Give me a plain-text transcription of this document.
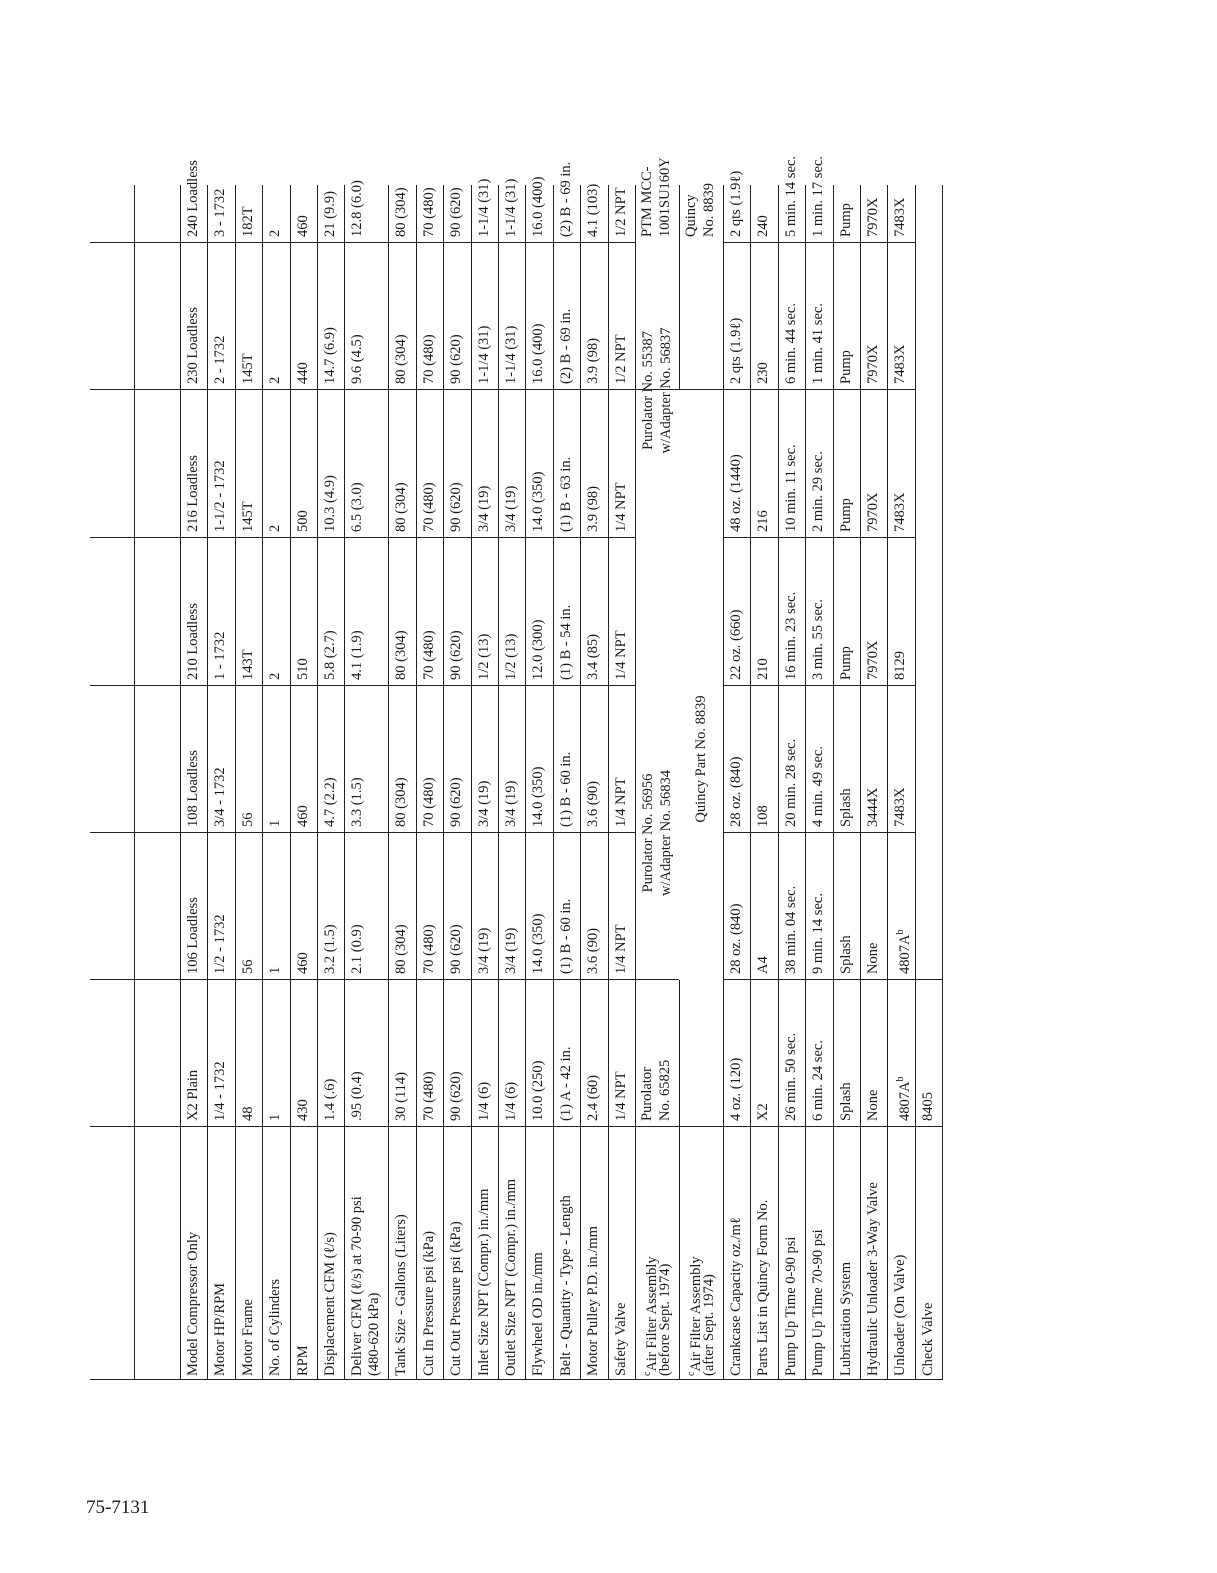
Model Compressor Only
X2 Plain
106 Loadless
108 Loadless
210 Loadless
216 Loadless
230 Loadless
240 Loadless
Motor HP/RPM
1/4 - 1732
1/2 - 1732
3/4 - 1732
1 - 1732
1-1/2 - 1732
2 - 1732
3 - 1732
Motor Frame
48
56
56
143T
145T
145T
182T
No. of Cylinders
1
1
1
2
2
2
2
RPM
430
460
460
510
500
440
460
Displacement CFM (ℓ/s)
1.4 (.6)
3.2 (1.5)
4.7 (2.2)
5.8 (2.7)
10.3 (4.9)
14.7 (6.9)
21 (9.9)
Deliver CFM (ℓ/s) at 70-90 psi (480-620 kPa)
.95 (0.4)
2.1 (0.9)
3.3 (1.5)
4.1 (1.9)
6.5 (3.0)
9.6 (4.5)
12.8 (6.0)
Tank Size - Gallons (Liters)
30 (114)
80 (304)
80 (304)
80 (304)
80 (304)
80 (304)
80 (304)
Cut In Pressure psi (kPa)
70 (480)
70 (480)
70 (480)
70 (480)
70 (480)
70 (480)
70 (480)
Cut Out Pressure psi (kPa)
90 (620)
90 (620)
90 (620)
90 (620)
90 (620)
90 (620)
90 (620)
Inlet Size NPT (Compr.) in./mm
1/4 (6)
3/4 (19)
3/4 (19)
1/2 (13)
3/4 (19)
1-1/4 (31)
1-1/4 (31)
Outlet Size NPT (Compr.) in./mm
1/4 (6)
3/4 (19)
3/4 (19)
1/2 (13)
3/4 (19)
1-1/4 (31)
1-1/4 (31)
Flywheel OD in./mm
10.0 (250)
14.0 (350)
14.0 (350)
12.0 (300)
14.0 (350)
16.0 (400)
16.0 (400)
Belt - Quantity - Type - Length
(1) A - 42 in.
(1) B - 60 in.
(1) B - 60 in.
(1) B - 54 in.
(1) B - 63 in.
(2) B - 69 in.
(2) B - 69 in.
Motor Pulley P.D. in./mm
2.4 (60)
3.6 (90)
3.6 (90)
3.4 (85)
3.9 (98)
3.9 (98)
4.1 (103)
Safety Valve
1/4 NPT
1/4 NPT
1/4 NPT
1/4 NPT
1/4 NPT
1/2 NPT
1/2 NPT
$^c$Air Filter Assembly
(before Sept. 1974)
Purolator No. 65825
Purolator No. 56956 w/Adapter No. 56834
Purolator No. 55387 w/Adapter No. 56837
PTM MCC- 1001SU160Y
$^c$Air Filter Assembly
(after Sept. 1974)
Quincy Part No. 8839
Quincy No. 8839
Crankcase Capacity oz./mℓ
4 oz. (120)
28 oz. (840)
28 oz. (840)
22 oz. (660)
48 oz. (1440)
2 qts (1.9ℓ)
2 qts (1.9ℓ)
Parts List in Quincy Form No.
X2
A4
108
210
216
230
240
Pump Up Time 0-90 psi
26 min. 50 sec.
38 min. 04 sec.
20 min. 28 sec.
16 min. 23 sec.
10 min. 11 sec.
6 min. 44 sec.
5 min. 14 sec.
Pump Up Time 70-90 psi
6 min. 24 sec.
9 min. 14 sec.
4 min. 49 sec.
3 min. 55 sec.
2 min. 29 sec.
1 min. 41 sec.
1 min. 17 sec.
Lubrication System
Splash
Splash
Splash
Pump
Pump
Pump
Pump
Hydraulic Unloader 3-Way Valve
None
None
3444X
7970X
7970X
7970X
7970X
Unloader (On Valve)
$4807A^b$
$4807A^b$
7483X
8129
7483X
7483X
7483X
Check Valve
8405
75-7131
